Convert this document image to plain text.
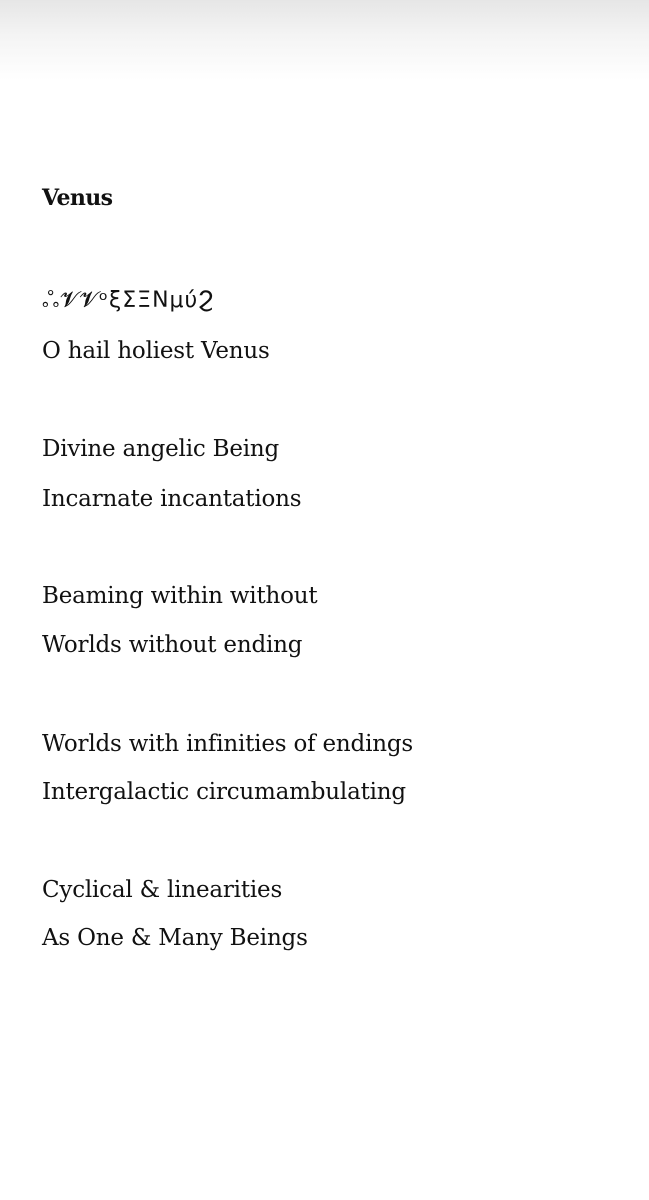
Venus
ஃ𝓥𝓥ᵒξΣΞΝμύϨ
O hail holiest Venus
Divine angelic Being
Incarnate incantations
Beaming within without
Worlds without ending
Worlds with infinities of endings
Intergalactic circumambulating
Cyclical & linearities
As One & Many Beings
